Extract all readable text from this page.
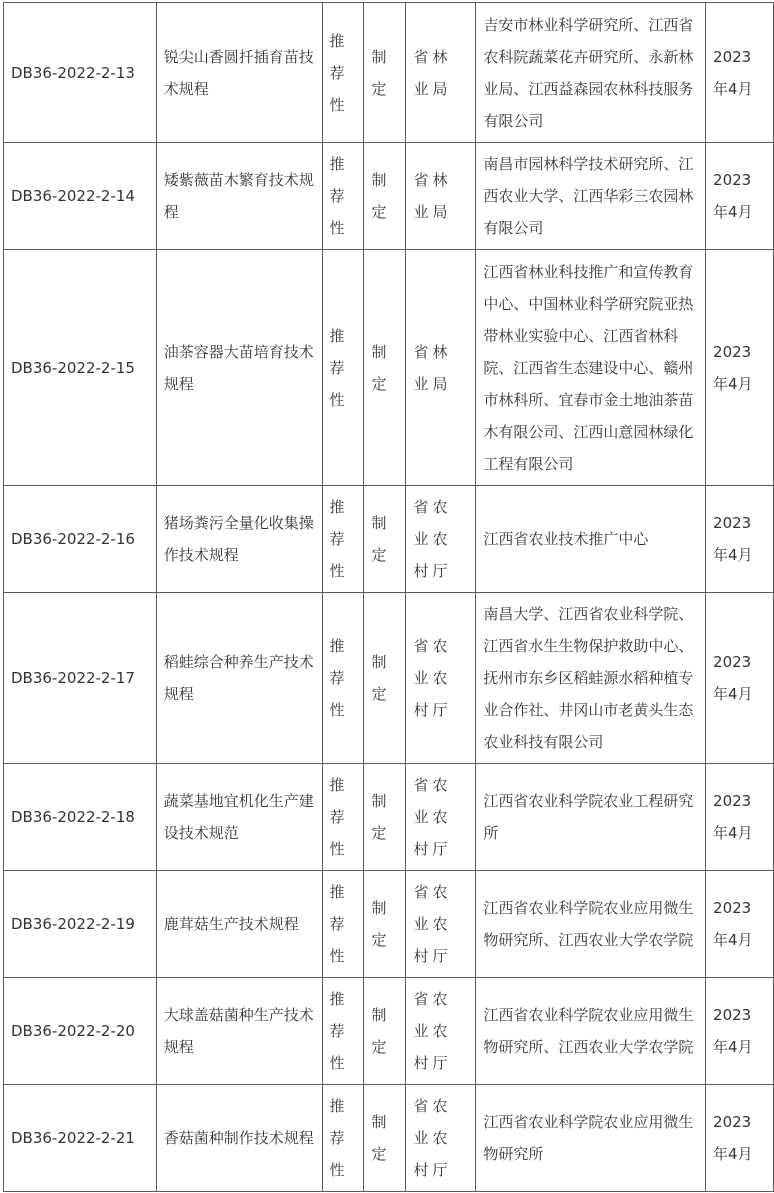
DB36-2022-2-13	锐尖山香圆扦插育苗技术规程	推荐性	制定	省林业局	吉安市林业科学研究所、江西省农科院蔬菜花卉研究所、永新林业局、江西益森园农林科技服务有限公司	2023年4月
DB36-2022-2-14	矮紫薇苗木繁育技术规程	推荐性	制定	省林业局	南昌市园林科学技术研究所、江西农业大学、江西华彩三农园林有限公司	2023年4月
DB36-2022-2-15	油茶容器大苗培育技术规程	推荐性	制定	省林业局	江西省林业科技推广和宣传教育中心、中国林业科学研究院亚热带林业实验中心、江西省林科院、江西省生态建设中心、赣州市林科所、宜春市金土地油茶苗木有限公司、江西山意园林绿化工程有限公司	2023年4月
DB36-2022-2-16	猪场粪污全量化收集操作技术规程	推荐性	制定	省农业农村厅	江西省农业技术推广中心	2023年4月
DB36-2022-2-17	稻蛙综合种养生产技术规程	推荐性	制定	省农业农村厅	南昌大学、江西省农业科学院、江西省水生生物保护救助中心、抚州市东乡区稻蛙源水稻种植专业合作社、井冈山市老黄头生态农业科技有限公司	2023年4月
DB36-2022-2-18	蔬菜基地宜机化生产建设技术规范	推荐性	制定	省农业农村厅	江西省农业科学院农业工程研究所	2023年4月
DB36-2022-2-19	鹿茸菇生产技术规程	推荐性	制定	省农业农村厅	江西省农业科学院农业应用微生物研究所、江西农业大学农学院	2023年4月
DB36-2022-2-20	大球盖菇菌种生产技术规程	推荐性	制定	省农业农村厅	江西省农业科学院农业应用微生物研究所、江西农业大学农学院	2023年4月
DB36-2022-2-21	香菇菌种制作技术规程	推荐性	制定	省农业农村厅	江西省农业科学院农业应用微生物研究所	2023年4月
